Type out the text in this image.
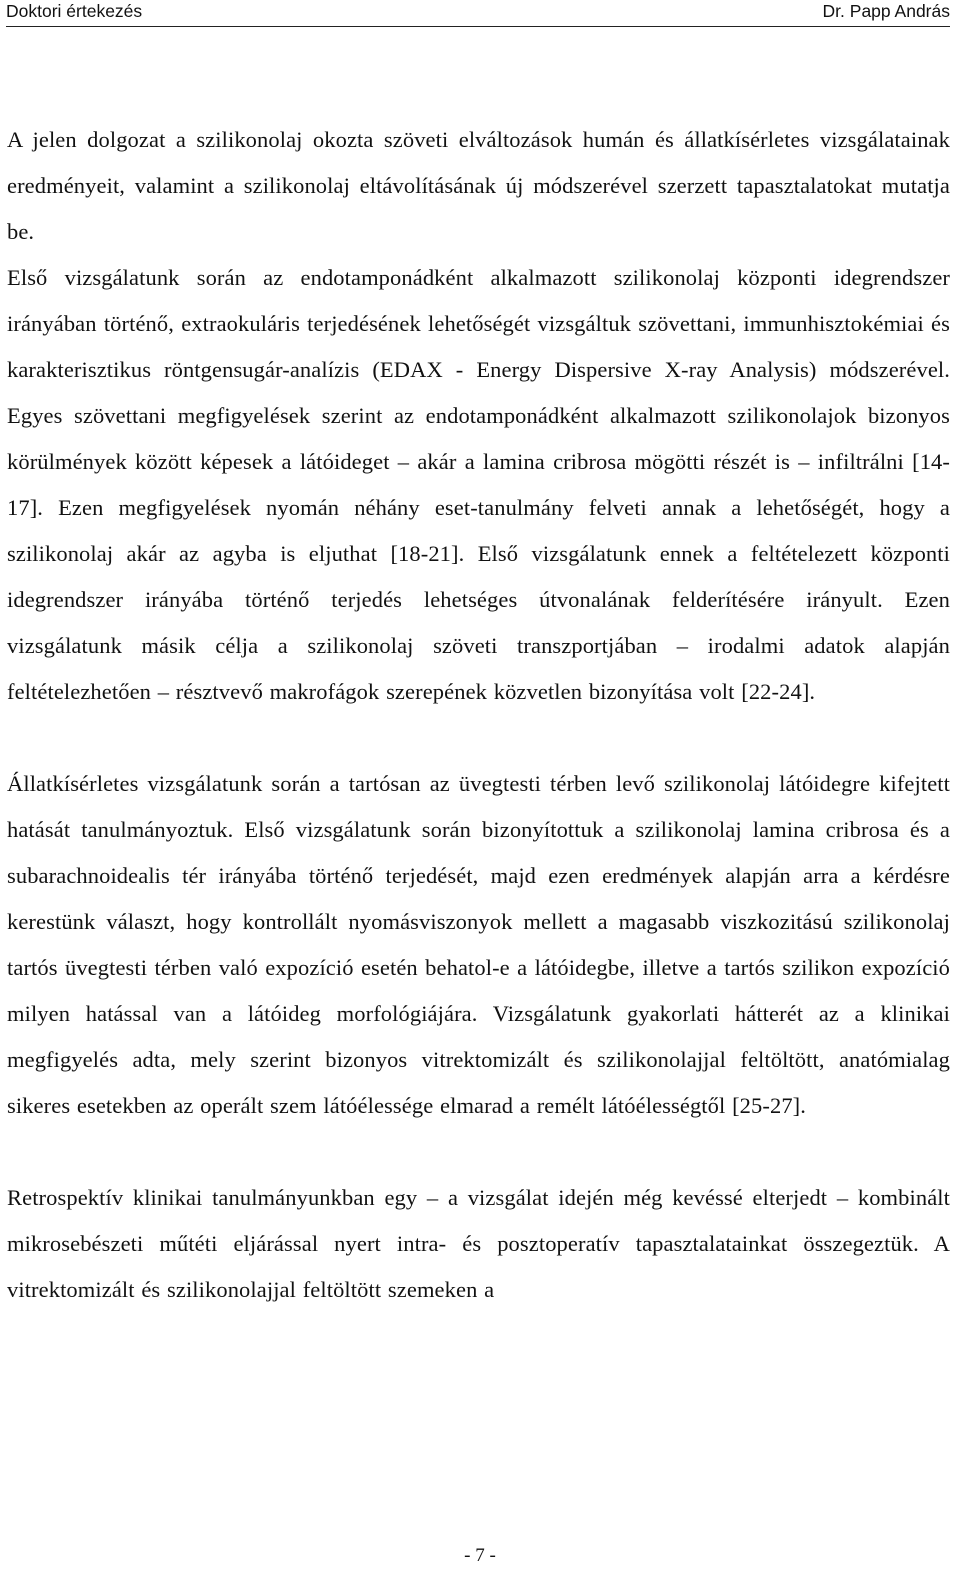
Doktori értekezés	Dr. Papp András

A jelen dolgozat a szilikonolaj okozta szöveti elváltozások humán és állatkísérletes vizsgálatainak eredményeit, valamint a szilikonolaj eltávolításának új módszerével szerzett tapasztalatokat mutatja be.

Első vizsgálatunk során az endotamponádként alkalmazott szilikonolaj központi idegrendszer irányában történő, extraokuláris terjedésének lehetőségét vizsgáltuk szövettani, immunhisztokémiai és karakterisztikus röntgensugár-analízis (EDAX - Energy Dispersive X-ray Analysis) módszerével. Egyes szövettani megfigyelések szerint az endotamponádként alkalmazott szilikonolajok bizonyos körülmények között képesek a látóideget – akár a lamina cribrosa mögötti részét is – infiltrálni [14-17]. Ezen megfigyelések nyomán néhány eset-tanulmány felveti annak a lehetőségét, hogy a szilikonolaj akár az agyba is eljuthat [18-21]. Első vizsgálatunk ennek a feltételezett központi idegrendszer irányába történő terjedés lehetséges útvonalának felderítésére irányult. Ezen vizsgálatunk másik célja a szilikonolaj szöveti transzportjában – irodalmi adatok alapján feltételezhetően – résztvevő makrofágok szerepének közvetlen bizonyítása volt [22-24].

Állatkísérletes vizsgálatunk során a tartósan az üvegtesti térben levő szilikonolaj látóidegre kifejtett hatását tanulmányoztuk. Első vizsgálatunk során bizonyítottuk a szilikonolaj lamina cribrosa és a subarachnoidealis tér irányába történő terjedését, majd ezen eredmények alapján arra a kérdésre kerestünk választ, hogy kontrollált nyomásviszonyok mellett a magasabb viszkozitású szilikonolaj tartós üvegtesti térben való expozíció esetén behatol-e a látóidegbe, illetve a tartós szilikon expozíció milyen hatással van a látóideg morfológiájára. Vizsgálatunk gyakorlati hátterét az a klinikai megfigyelés adta, mely szerint bizonyos vitrektomizált és szilikonolajjal feltöltött, anatómialag sikeres esetekben az operált szem látóélessége elmarad a remélt látóélességtől [25-27].

Retrospektív klinikai tanulmányunkban egy – a vizsgálat idején még kevéssé elterjedt – kombinált mikrosebészeti műtéti eljárással nyert intra- és posztoperatív tapasztalatainkat összegeztük. A vitrektomizált és szilikonolajjal feltöltött szemeken a

- 7 -
